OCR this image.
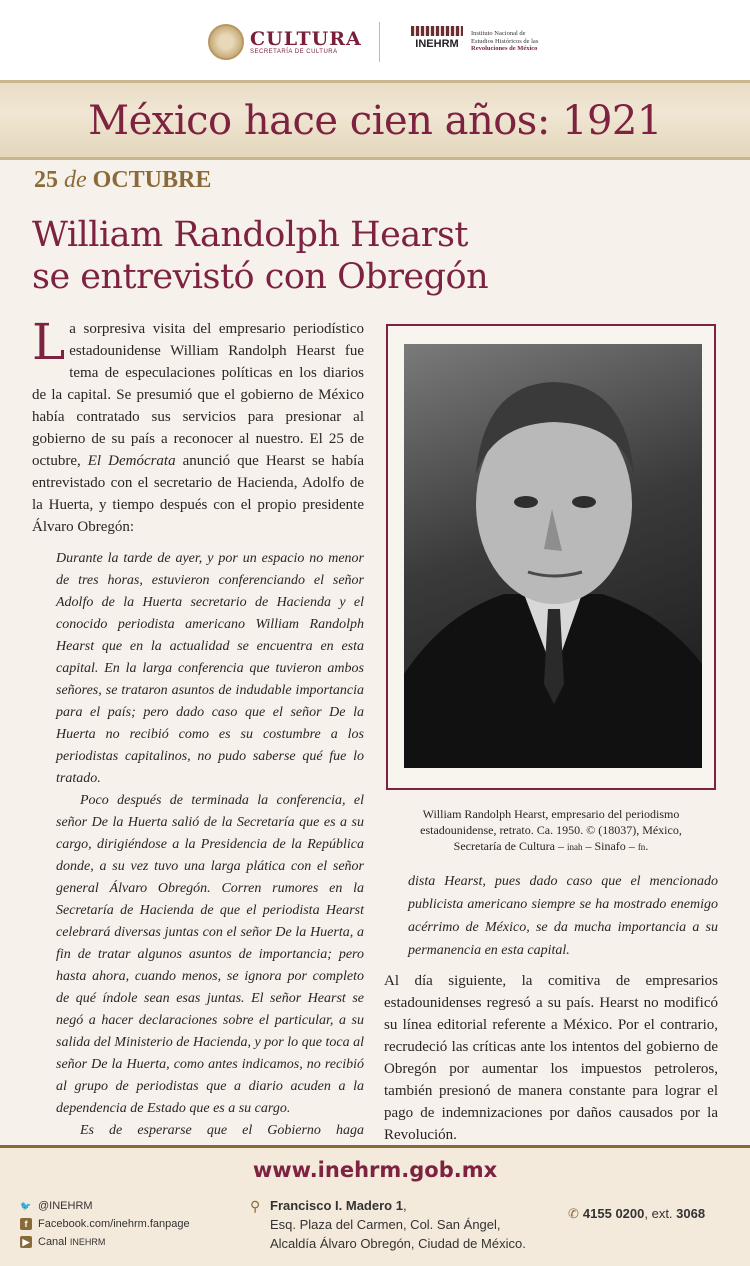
CULTURA
SECRETARÍA DE CULTURA
INEHRM
Instituto Nacional de
Estudios Históricos de las
Revoluciones de México
México hace cien años: 1921
25 de OCTUBRE
William Randolph Hearst
se entrevistó con Obregón
La sorpresiva visita del empresario periodístico estadounidense William Randolph Hearst fue tema de especulaciones políticas en los diarios de la capital. Se presumió que el gobierno de México había contratado sus servicios para presionar al gobierno de su país a reconocer al nuestro. El 25 de octubre, El Demócrata anunció que Hearst se había entrevistado con el secretario de Hacienda, Adolfo de la Huerta, y tiempo después con el propio presidente Álvaro Obregón:

Durante la tarde de ayer, y por un espacio no menor de tres horas, estuvieron conferenciando el señor Adolfo de la Huerta secretario de Hacienda y el conocido periodista americano William Randolph Hearst que en la actualidad se encuentra en esta capital. En la larga conferencia que tuvieron ambos señores, se trataron asuntos de indudable importancia para el país; pero dado caso que el señor De la Huerta no recibió como es su costumbre a los periodistas capitalinos, no pudo saberse qué fue lo tratado.

Poco después de terminada la conferencia, el señor De la Huerta salió de la Secretaría que es a su cargo, dirigiéndose a la Presidencia de la República donde, a su vez tuvo una larga plática con el señor general Álvaro Obregón. Corren rumores en la Secretaría de Hacienda de que el periodista Hearst celebrará diversas juntas con el señor De la Huerta, a fin de tratar algunos asuntos de importancia; pero hasta ahora, cuando menos, se ignora por completo de qué índole sean esas juntas. El señor Hearst se negó a hacer declaraciones sobre el particular, a su salida del Ministerio de Hacienda, y por lo que toca al señor De la Huerta, como antes indicamos, no recibió al grupo de periodistas que a diario acuden a la dependencia de Estado que es a su cargo.

Es de esperarse que el Gobierno haga

William Randolph Hearst, empresario del periodismo estadounidense, retrato. Ca. 1950. © (18037), México, Secretaría de Cultura – inah – Sinafo – fn.
dista Hearst, pues dado caso que el mencionado publicista americano siempre se ha mostrado enemigo acérrimo de México, se da mucha importancia a su permanencia en esta capital.
Al día siguiente, la comitiva de empresarios estadounidenses regresó a su país. Hearst no modificó su línea editorial referente a México. Por el contrario, recrudeció las críticas ante los intentos del gobierno de Obregón por aumentar los impuestos petroleros, también presionó de manera constante para lograr el pago de indemnizaciones por daños causados por la Revolución.
www.inehrm.gob.mx
🐦 @INEHRM
f Facebook.com/inehrm.fanpage
▶ Canal
INEHRM
⚲ Francisco I. Madero 1,
Esq. Plaza del Carmen, Col. San Ángel,
Alcaldía Álvaro Obregón, Ciudad de México.
✆ 4155 0200, ext. 3068
